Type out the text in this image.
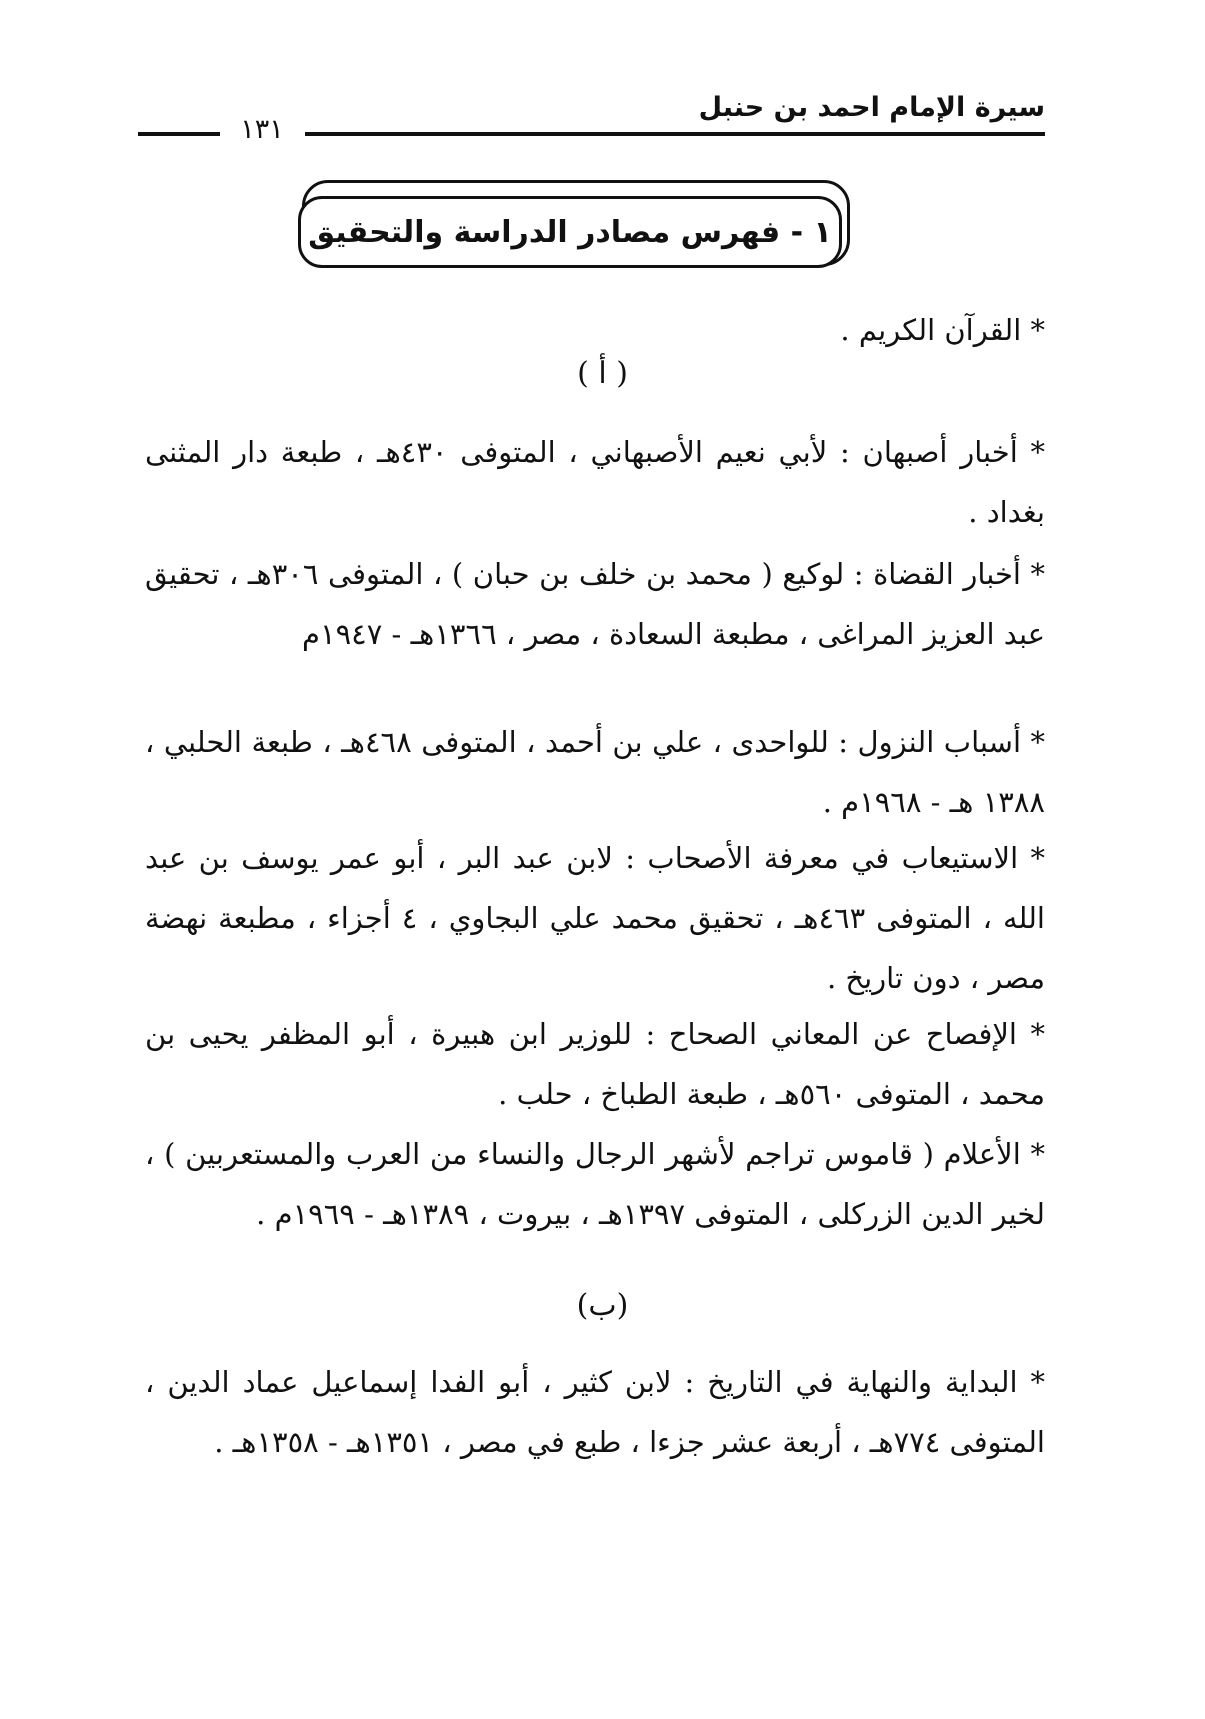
سيرة الإمام احمد بن حنبل
١٣١
١ - فهرس مصادر الدراسة والتحقيق
* القرآن الكريم .
( أ )
* أخبار أصبهان : لأبي نعيم الأصبهاني ، المتوفى ٤٣٠هـ ، طبعة دار المثنى بغداد .
* أخبار القضاة : لوكيع ( محمد بن خلف بن حبان ) ، المتوفى ٣٠٦هـ ، تحقيق عبد العزيز المراغى ، مطبعة السعادة ، مصر ، ١٣٦٦هـ - ١٩٤٧م
* أسباب النزول : للواحدى ، علي بن أحمد ، المتوفى ٤٦٨هـ ، طبعة الحلبي ، ١٣٨٨ هـ - ١٩٦٨م .
* الاستيعاب في معرفة الأصحاب : لابن عبد البر ، أبو عمر يوسف بن عبد الله ، المتوفى ٤٦٣هـ ، تحقيق محمد علي البجاوي ، ٤ أجزاء ، مطبعة نهضة مصر ، دون تاريخ .
* الإفصاح عن المعاني الصحاح : للوزير ابن هبيرة ، أبو المظفر يحيى بن محمد ، المتوفى ٥٦٠هـ ، طبعة الطباخ ، حلب .
* الأعلام ( قاموس تراجم لأشهر الرجال والنساء من العرب والمستعربين ) ، لخير الدين الزركلى ، المتوفى ١٣٩٧هـ ، بيروت ، ١٣٨٩هـ - ١٩٦٩م .
(ب)
* البداية والنهاية في التاريخ : لابن كثير ، أبو الفدا إسماعيل عماد الدين ، المتوفى ٧٧٤هـ ، أربعة عشر جزءا ، طبع في مصر ، ١٣٥١هـ - ١٣٥٨هـ .
